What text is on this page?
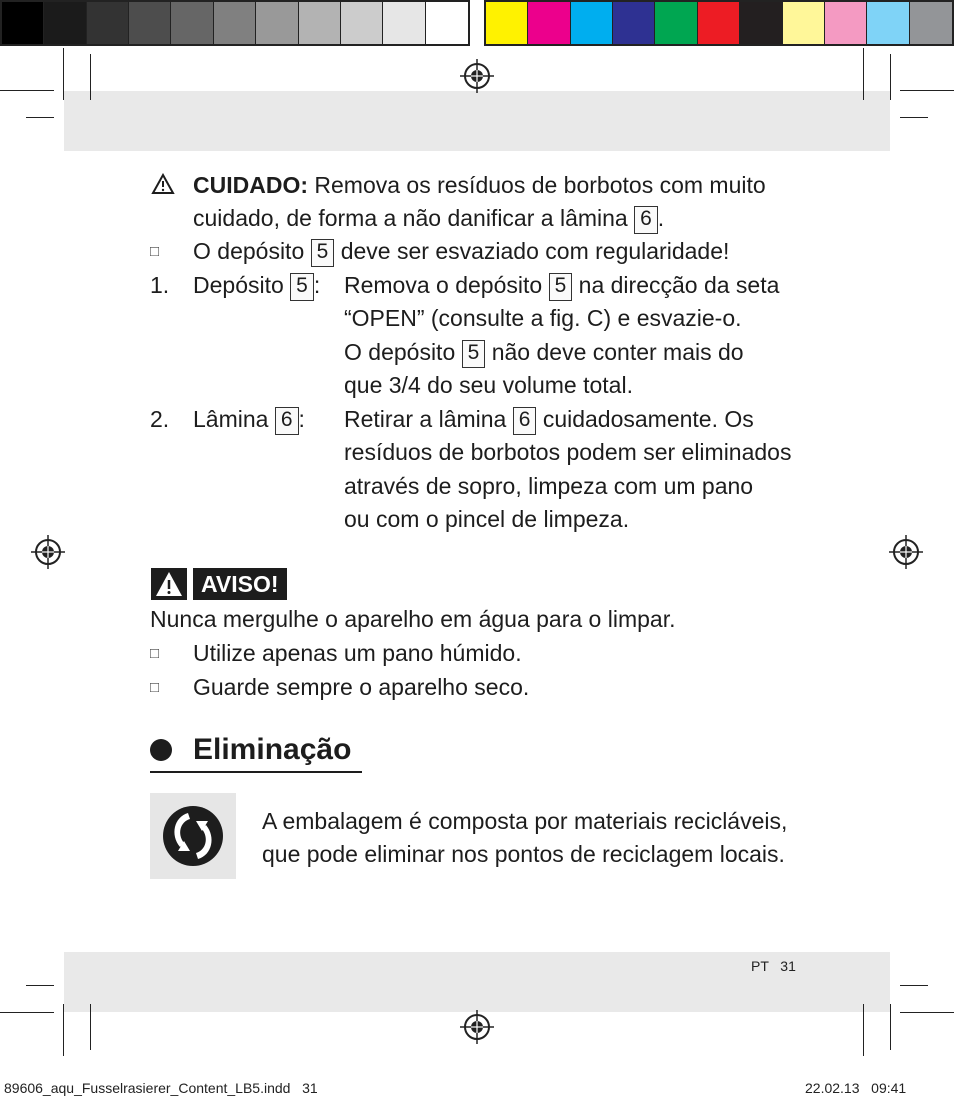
CUIDADO: Remova os resíduos de borbotos com muito
cuidado, de forma a não danificar a lâmina 6 .
□ O depósito 5 deve ser esvaziado com regularidade!
1. Depósito 5 : Remova o depósito 5 na direcção da seta
“OPEN” (consulte a fig. C) e esvazie-o.
O depósito 5 não deve conter mais do
que 3/4 do seu volume total.
2. Lâmina 6 : Retirar a lâmina 6 cuidadosamente. Os
resíduos de borbotos podem ser eliminados
através de sopro, limpeza com um pano
ou com o pincel de limpeza.
AVISO!
Nunca mergulhe o aparelho em água para o limpar.
□ Utilize apenas um pano húmido.
□ Guarde sempre o aparelho seco.
Eliminação
A embalagem é composta por materiais recicláveis,
que pode eliminar nos pontos de reciclagem locais.
PT   31
89606_aqu_Fusselrasierer_Content_LB5.indd   31	22.02.13   09:41
